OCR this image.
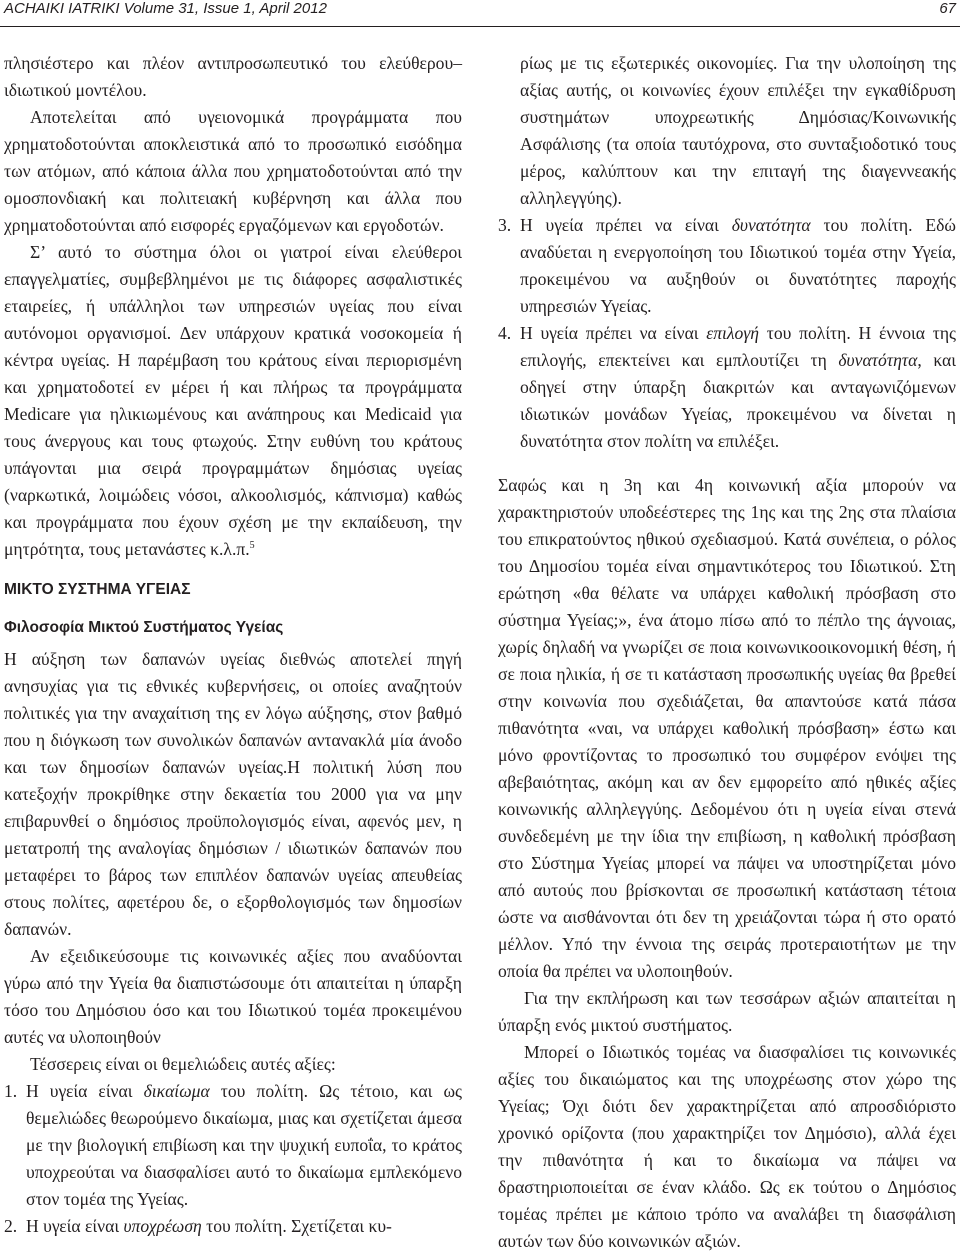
ACHAIKI IATRIKI Volume 31, Issue 1, April 2012	67

πλησιέστερο και πλέον αντιπροσωπευτικό του ελεύθερου–ιδιωτικού μοντέλου.

Αποτελείται από υγειονομικά προγράμματα που χρηματοδοτούνται αποκλειστικά από το προσωπικό εισόδημα των ατόμων, από κάποια άλλα που χρηματοδοτούνται από την ομοσπονδιακή και πολιτειακή κυβέρνηση και άλλα που χρηματοδοτούνται από εισφορές εργαζόμενων και εργοδοτών.

Σ’ αυτό το σύστημα όλοι οι γιατροί είναι ελεύθεροι επαγγελματίες, συμβεβλημένοι με τις διάφορες ασφαλιστικές εταιρείες, ή υπάλληλοι των υπηρεσιών υγείας που είναι αυτόνομοι οργανισμοί. Δεν υπάρχουν κρατικά νοσοκομεία ή κέντρα υγείας. Η παρέμβαση του κράτους είναι περιορισμένη και χρηματοδοτεί εν μέρει ή και πλήρως τα προγράμματα Medicare για ηλικιωμένους και ανάπηρους και Medicaid για τους άνεργους και τους φτωχούς. Στην ευθύνη του κράτους υπάγονται μια σειρά προγραμμάτων δημόσιας υγείας (ναρκωτικά, λοιμώδεις νόσοι, αλκοολισμός, κάπνισμα) καθώς και προγράμματα που έχουν σχέση με την εκπαίδευση, την μητρότητα, τους μετανάστες κ.λ.π.$^5$

ΜΙΚΤΟ ΣΥΣΤΗΜΑ ΥΓΕΙΑΣ
Φιλοσοφία Μικτού Συστήματος Υγείας

Η αύξηση των δαπανών υγείας διεθνώς αποτελεί πηγή ανησυχίας για τις εθνικές κυβερνήσεις, οι οποίες αναζητούν πολιτικές για την αναχαίτιση της εν λόγω αύξησης, στον βαθμό που η διόγκωση των συνολικών δαπανών αντανακλά μία άνοδο και των δημοσίων δαπανών υγείας.Η πολιτική λύση που κατεξοχήν προκρίθηκε στην δεκαετία του 2000 για να μην επιβαρυνθεί ο δημόσιος προϋπολογισμός είναι, αφενός μεν, η μετατροπή της αναλογίας δημόσιων / ιδιωτικών δαπανών που μεταφέρει το βάρος των επιπλέον δαπανών υγείας απευθείας στους πολίτες, αφετέρου δε, ο εξορθολογισμός των δημοσίων δαπανών.

Αν εξειδικεύσουμε τις κοινωνικές αξίες που αναδύονται γύρω από την Υγεία θα διαπιστώσουμε ότι απαιτείται η ύπαρξη τόσο του Δημόσιου όσο και του Ιδιωτικού τομέα προκειμένου αυτές να υλοποιηθούν

Τέσσερεις είναι οι θεμελιώδεις αυτές αξίες:

1. Η υγεία είναι δικαίωμα του πολίτη. Ως τέτοιο, και ως θεμελιώδες θεωρούμενο δικαίωμα, μιας και σχετίζεται άμεσα με την βιολογική επιβίωση και την ψυχική ευποΐα, το κράτος υποχρεούται να διασφαλίσει αυτό το δικαίωμα εμπλεκόμενο στον τομέα της Υγείας.
2. Η υγεία είναι υποχρέωση του πολίτη. Σχετίζεται κυ-
ρίως με τις εξωτερικές οικονομίες. Για την υλοποίηση της αξίας αυτής, οι κοινωνίες έχουν επιλέξει την εγκαθίδρυση συστημάτων υποχρεωτικής Δημόσιας/Κοινωνικής Ασφάλισης (τα οποία ταυτόχρονα, στο συνταξιοδοτικό τους μέρος, καλύπτουν και την επιταγή της διαγεννεακής αλληλεγγύης).
3. Η υγεία πρέπει να είναι δυνατότητα του πολίτη. Εδώ αναδύεται η ενεργοποίηση του Ιδιωτικού τομέα στην Υγεία, προκειμένου να αυξηθούν οι δυνατότητες παροχής υπηρεσιών Υγείας.
4. Η υγεία πρέπει να είναι επιλογή του πολίτη. Η έννοια της επιλογής, επεκτείνει και εμπλουτίζει τη δυνατότητα, και οδηγεί στην ύπαρξη διακριτών και ανταγωνιζόμενων ιδιωτικών μονάδων Υγείας, προκειμένου να δίνεται η δυνατότητα στον πολίτη να επιλέξει.

Σαφώς και η 3η και 4η κοινωνική αξία μπορούν να χαρακτηριστούν υποδεέστερες της 1ης και της 2ης στα πλαίσια του επικρατούντος ηθικού σχεδιασμού. Κατά συνέπεια, ο ρόλος του Δημοσίου τομέα είναι σημαντικότερος του Ιδιωτικού. Στη ερώτηση «θα θέλατε να υπάρχει καθολική πρόσβαση στο σύστημα Υγείας;», ένα άτομο πίσω από το πέπλο της άγνοιας, χωρίς δηλαδή να γνωρίζει σε ποια κοινωνικοοικονομική θέση, ή σε ποια ηλικία, ή σε τι κατάσταση προσωπικής υγείας θα βρεθεί στην κοινωνία που σχεδιάζεται, θα απαντούσε κατά πάσα πιθανότητα «ναι, να υπάρχει καθολική πρόσβαση» έστω και μόνο φροντίζοντας το προσωπικό του συμφέρον ενόψει της αβεβαιότητας, ακόμη και αν δεν εμφορείτο από ηθικές αξίες κοινωνικής αλληλεγγύης. Δεδομένου ότι η υγεία είναι στενά συνδεδεμένη με την ίδια την επιβίωση, η καθολική πρόσβαση στο Σύστημα Υγείας μπορεί να πάψει να υποστηρίζεται μόνο από αυτούς που βρίσκονται σε προσωπική κατάσταση τέτοια ώστε να αισθάνονται ότι δεν τη χρειάζονται τώρα ή στο ορατό μέλλον. Υπό την έννοια της σειράς προτεραιοτήτων με την οποία θα πρέπει να υλοποιηθούν.

Για την εκπλήρωση και των τεσσάρων αξιών απαιτείται η ύπαρξη ενός μικτού συστήματος.

Μπορεί ο Ιδιωτικός τομέας να διασφαλίσει τις κοινωνικές αξίες του δικαιώματος και της υποχρέωσης στον χώρο της Υγείας; Όχι διότι δεν χαρακτηρίζεται από απροσδιόριστο χρονικό ορίζοντα (που χαρακτηρίζει τον Δημόσιο), αλλά έχει την πιθανότητα ή και το δικαίωμα να πάψει να δραστηριοποιείται σε έναν κλάδο. Ως εκ τούτου ο Δημόσιος τομέας πρέπει με κάποιο τρόπο να αναλάβει τη διασφάλιση αυτών των δύο κοινωνικών αξιών.
